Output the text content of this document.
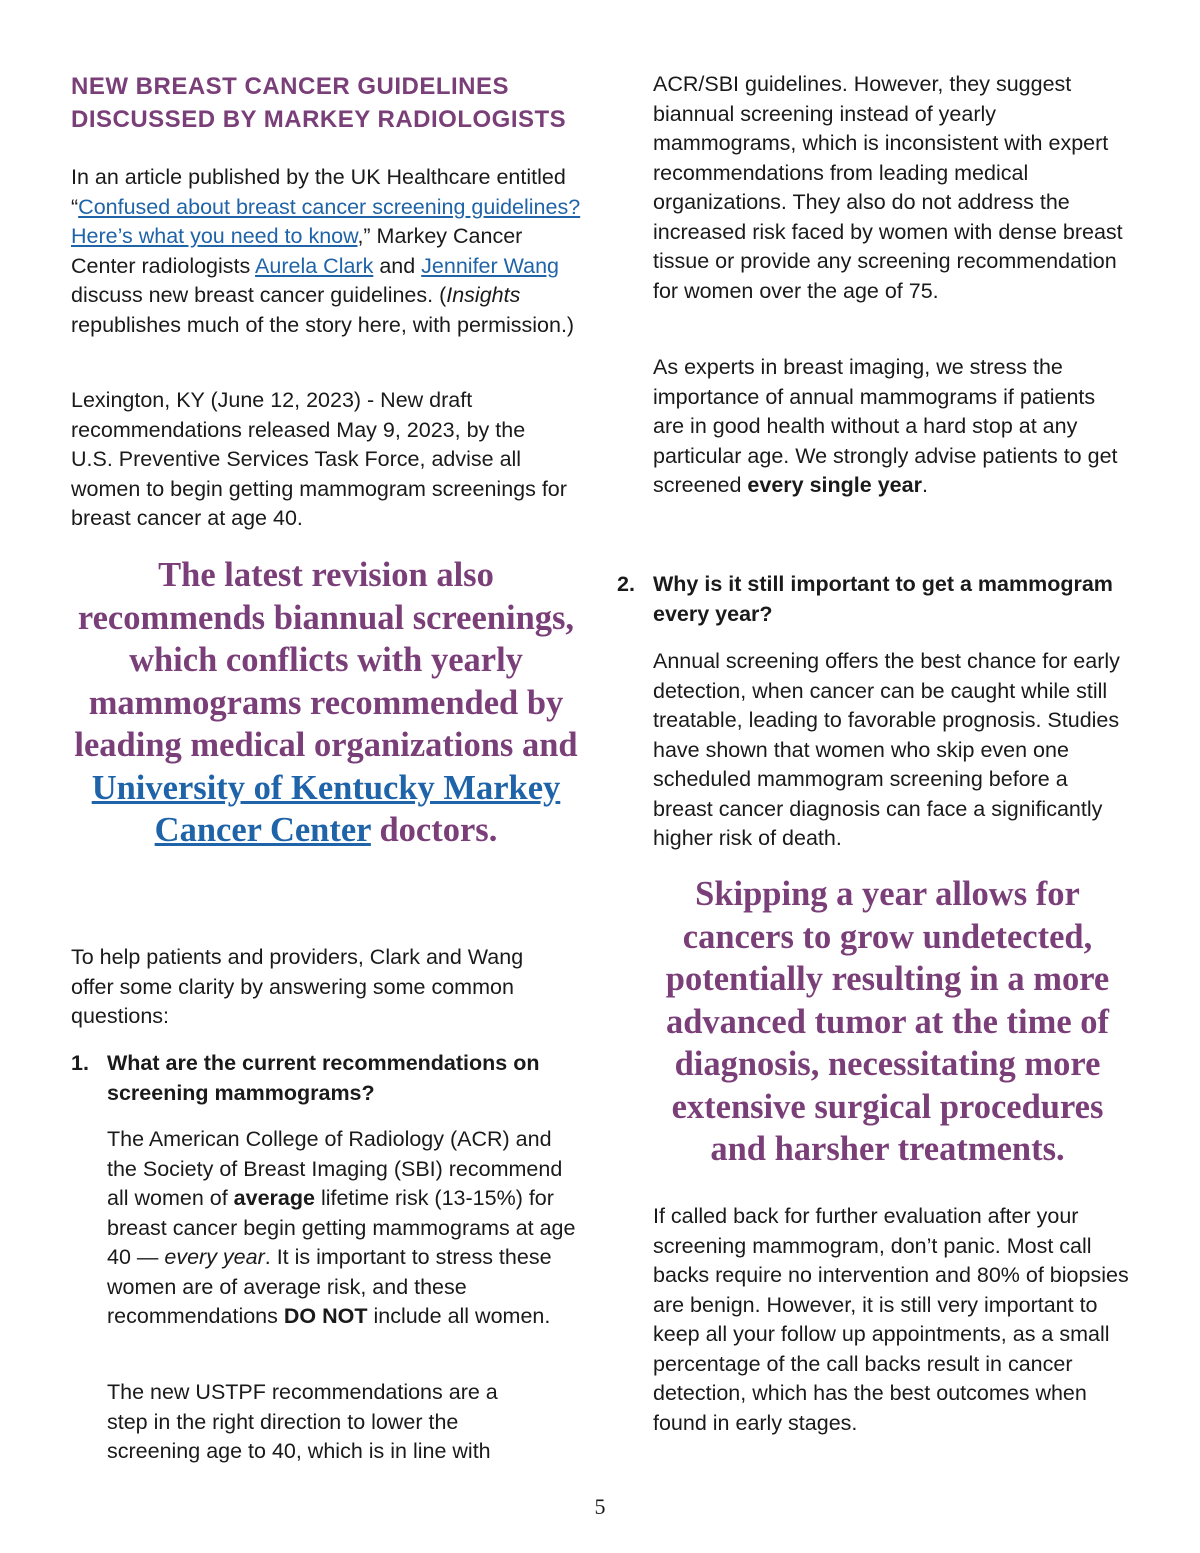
NEW BREAST CANCER GUIDELINES DISCUSSED BY MARKEY RADIOLOGISTS

In an article published by the UK Healthcare entitled “Confused about breast cancer screening guidelines? Here’s what you need to know,” Markey Cancer Center radiologists Aurela Clark and Jennifer Wang discuss new breast cancer guidelines. (Insights republishes much of the story here, with permission.)

Lexington, KY (June 12, 2023) - New draft recommendations released May 9, 2023, by the U.S. Preventive Services Task Force, advise all women to begin getting mammogram screenings for breast cancer at age 40.

The latest revision also recommends biannual screenings, which conflicts with yearly mammograms recommended by leading medical organizations and University of Kentucky Markey Cancer Center doctors.

To help patients and providers, Clark and Wang offer some clarity by answering some common questions:

1. What are the current recommendations on screening mammograms?

The American College of Radiology (ACR) and the Society of Breast Imaging (SBI) recommend all women of average lifetime risk (13-15%) for breast cancer begin getting mammograms at age 40 — every year. It is important to stress these women are of average risk, and these recommendations DO NOT include all women.

The new USTPF recommendations are a step in the right direction to lower the screening age to 40, which is in line with

ACR/SBI guidelines. However, they suggest biannual screening instead of yearly mammograms, which is inconsistent with expert recommendations from leading medical organizations. They also do not address the increased risk faced by women with dense breast tissue or provide any screening recommendation for women over the age of 75.

As experts in breast imaging, we stress the importance of annual mammograms if patients are in good health without a hard stop at any particular age. We strongly advise patients to get screened every single year.

2. Why is it still important to get a mammogram every year?

Annual screening offers the best chance for early detection, when cancer can be caught while still treatable, leading to favorable prognosis. Studies have shown that women who skip even one scheduled mammogram screening before a breast cancer diagnosis can face a significantly higher risk of death.

Skipping a year allows for cancers to grow undetected, potentially resulting in a more advanced tumor at the time of diagnosis, necessitating more extensive surgical procedures and harsher treatments.

If called back for further evaluation after your screening mammogram, don’t panic. Most call backs require no intervention and 80% of biopsies are benign. However, it is still very important to keep all your follow up appointments, as a small percentage of the call backs result in cancer detection, which has the best outcomes when found in early stages.

5
